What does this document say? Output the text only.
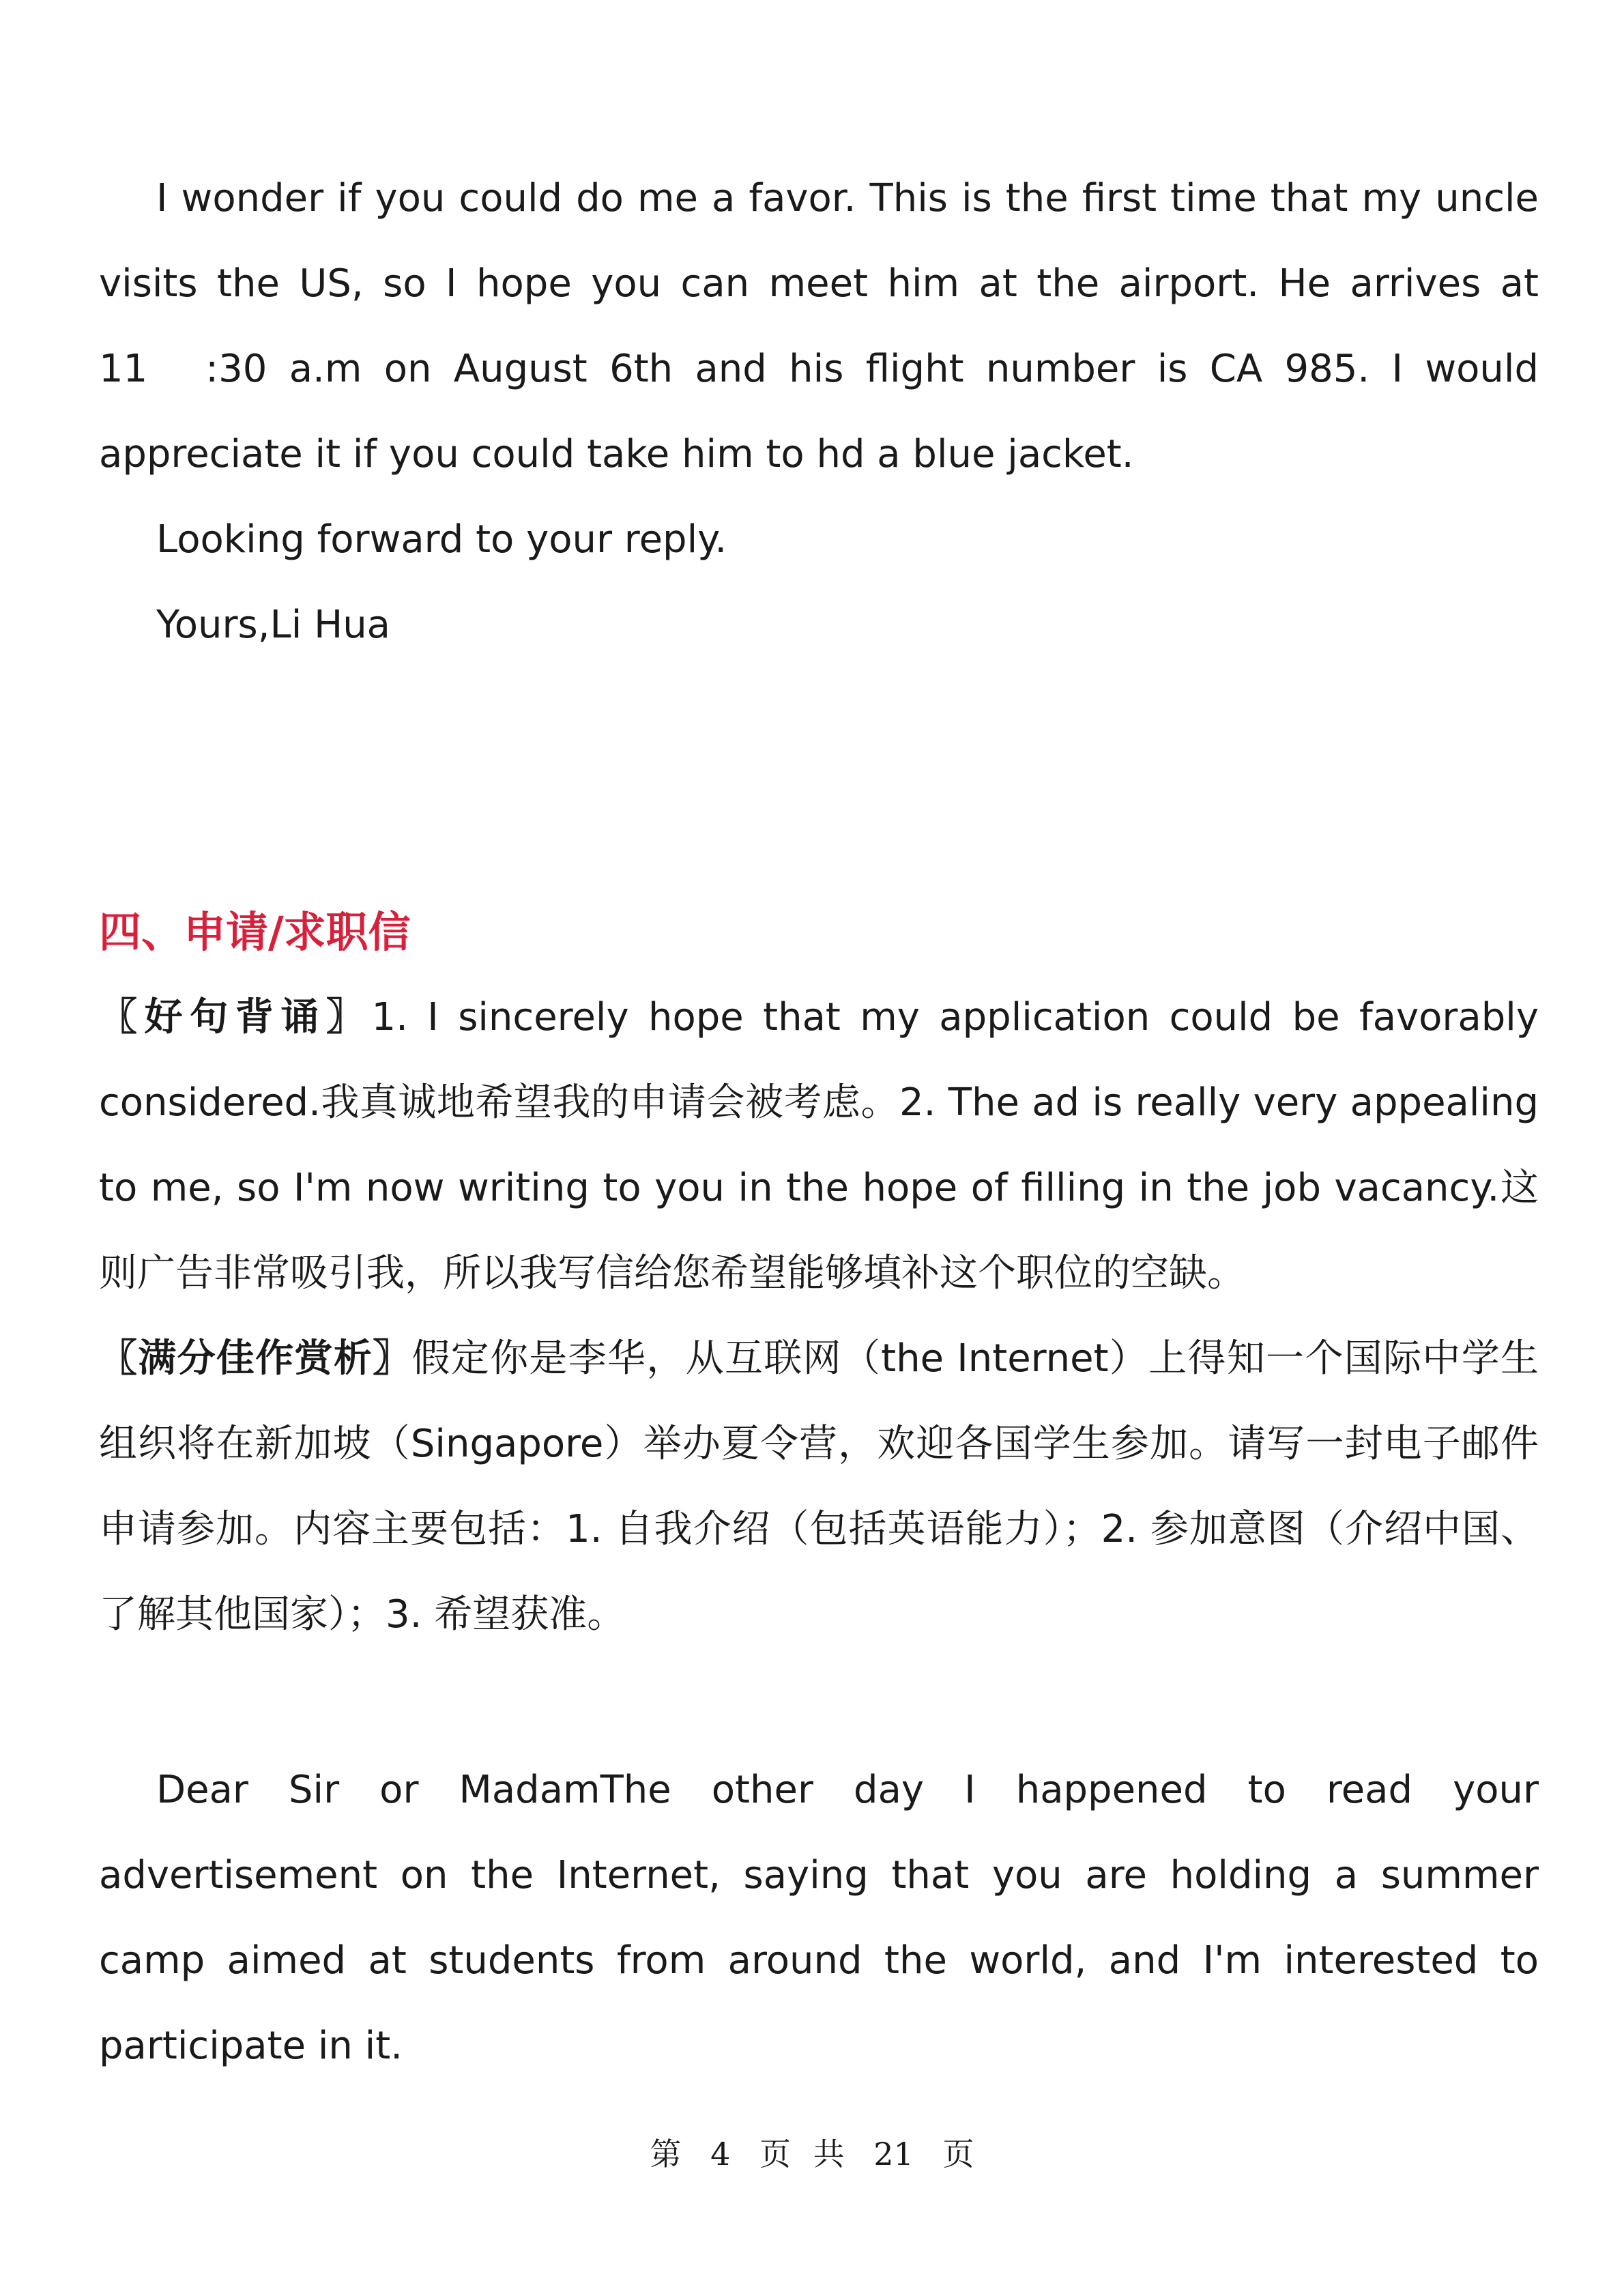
I wonder if you could do me a favor. This is the first time that my uncle visits the US, so I hope you can meet him at the airport. He arrives at 11　:30 a.m on August 6th and his flight number is CA 985. I would appreciate it if you could take him to hd a blue jacket.

Looking forward to your reply.

Yours,Li Hua

四、申请/求职信

〖好句背诵〗1. I sincerely hope that my application could be favorably considered.我真诚地希望我的申请会被考虑。2. The ad is really very appealing to me, so I'm now writing to you in the hope of filling in the job vacancy.这则广告非常吸引我，所以我写信给您希望能够填补这个职位的空缺。

〖满分佳作赏析〗假定你是李华，从互联网（the Internet）上得知一个国际中学生组织将在新加坡（Singapore）举办夏令营，欢迎各国学生参加。请写一封电子邮件申请参加。内容主要包括：1. 自我介绍（包括英语能力）；2. 参加意图（介绍中国、了解其他国家）；3. 希望获准。

Dear Sir or MadamThe other day I happened to read your advertisement on the Internet, saying that you are holding a summer camp aimed at students from around the world, and I'm interested to participate in it.

第 4 页 共 21 页
